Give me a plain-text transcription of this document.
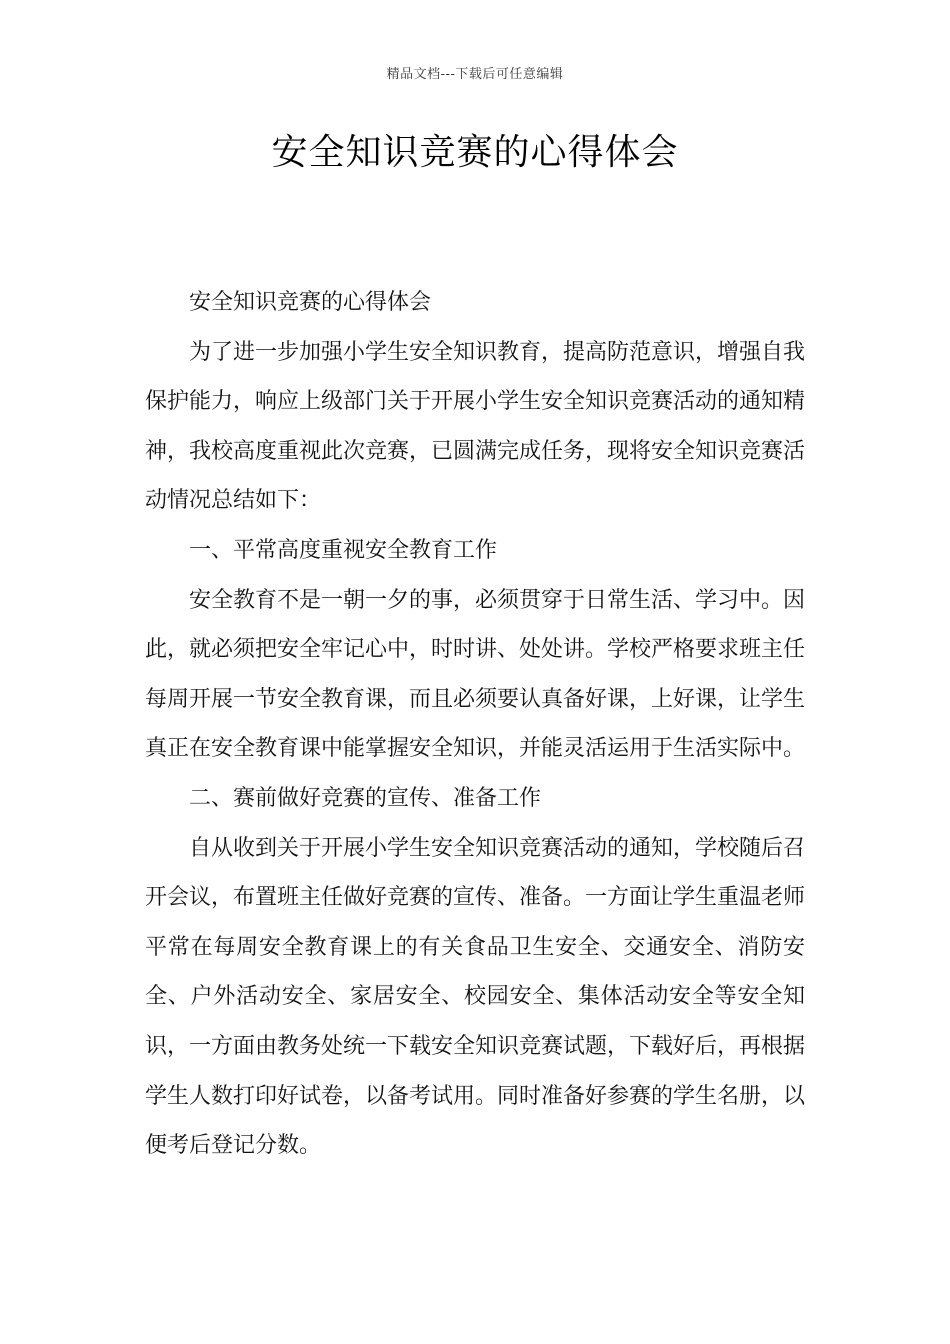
精品文档---下载后可任意编辑
安全知识竞赛的心得体会

安全知识竞赛的心得体会

为了进一步加强小学生安全知识教育，提高防范意识，增强自我保护能力，响应上级部门关于开展小学生安全知识竞赛活动的通知精神，我校高度重视此次竞赛，已圆满完成任务，现将安全知识竞赛活动情况总结如下：

一、平常高度重视安全教育工作

安全教育不是一朝一夕的事，必须贯穿于日常生活、学习中。因此，就必须把安全牢记心中，时时讲、处处讲。学校严格要求班主任每周开展一节安全教育课，而且必须要认真备好课，上好课，让学生真正在安全教育课中能掌握安全知识，并能灵活运用于生活实际中。

二、赛前做好竞赛的宣传、准备工作

自从收到关于开展小学生安全知识竞赛活动的通知，学校随后召开会议，布置班主任做好竞赛的宣传、准备。一方面让学生重温老师平常在每周安全教育课上的有关食品卫生安全、交通安全、消防安全、户外活动安全、家居安全、校园安全、集体活动安全等安全知识，一方面由教务处统一下载安全知识竞赛试题，下载好后，再根据学生人数打印好试卷，以备考试用。同时准备好参赛的学生名册，以便考后登记分数。
